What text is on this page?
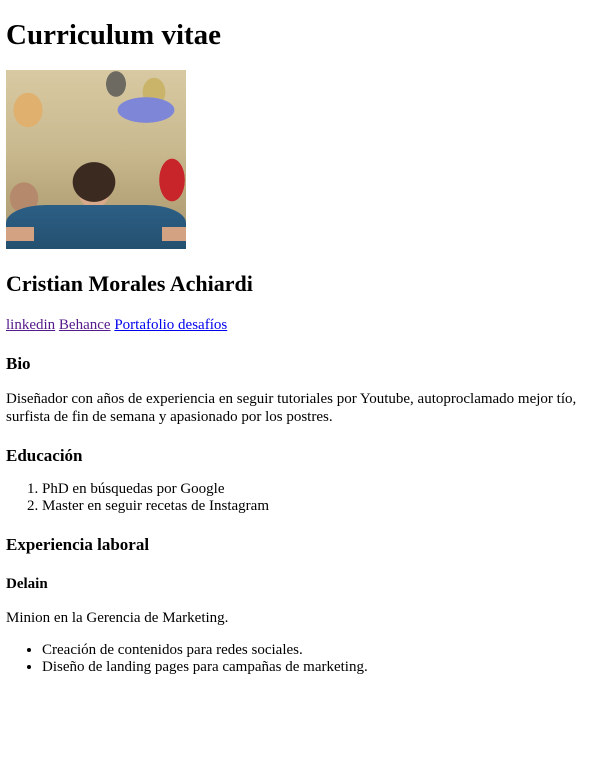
Curriculum vitae
Cristian Morales Achiardi
linkedin Behance Portafolio desafíos
Bio

Diseñador con años de experiencia en seguir tutoriales por Youtube, autoproclamado mejor tío, surfista de fin de semana y apasionado por los postres.

Educación
1. PhD en búsquedas por Google
2. Master en seguir recetas de Instagram
Experiencia laboral
Delain

Minion en la Gerencia de Marketing.

• Creación de contenidos para redes sociales.
• Diseño de landing pages para campañas de marketing.
